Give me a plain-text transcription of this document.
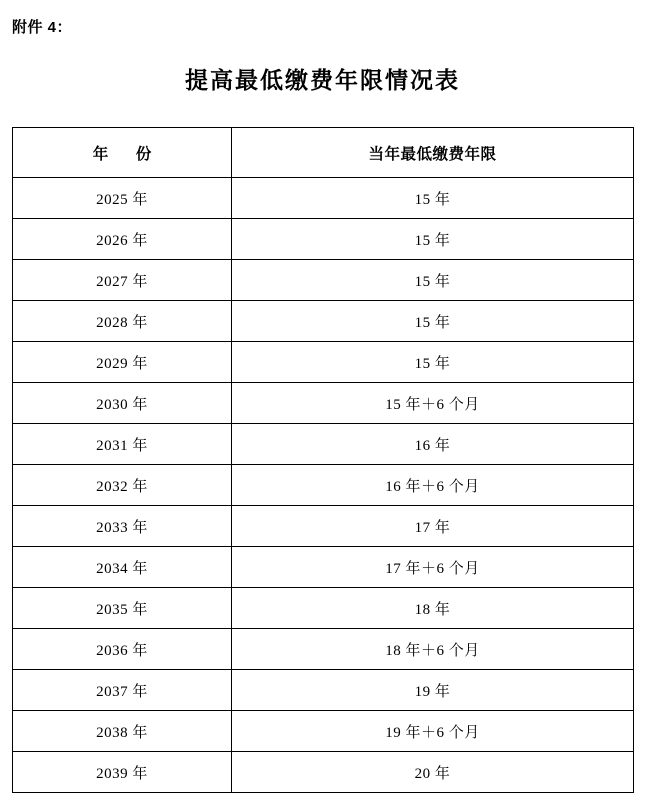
附件 4：
提高最低缴费年限情况表
年　份	当年最低缴费年限
2025 年	15 年
2026 年	15 年
2027 年	15 年
2028 年	15 年
2029 年	15 年
2030 年	15 年＋6 个月
2031 年	16 年
2032 年	16 年＋6 个月
2033 年	17 年
2034 年	17 年＋6 个月
2035 年	18 年
2036 年	18 年＋6 个月
2037 年	19 年
2038 年	19 年＋6 个月
2039 年	20 年
